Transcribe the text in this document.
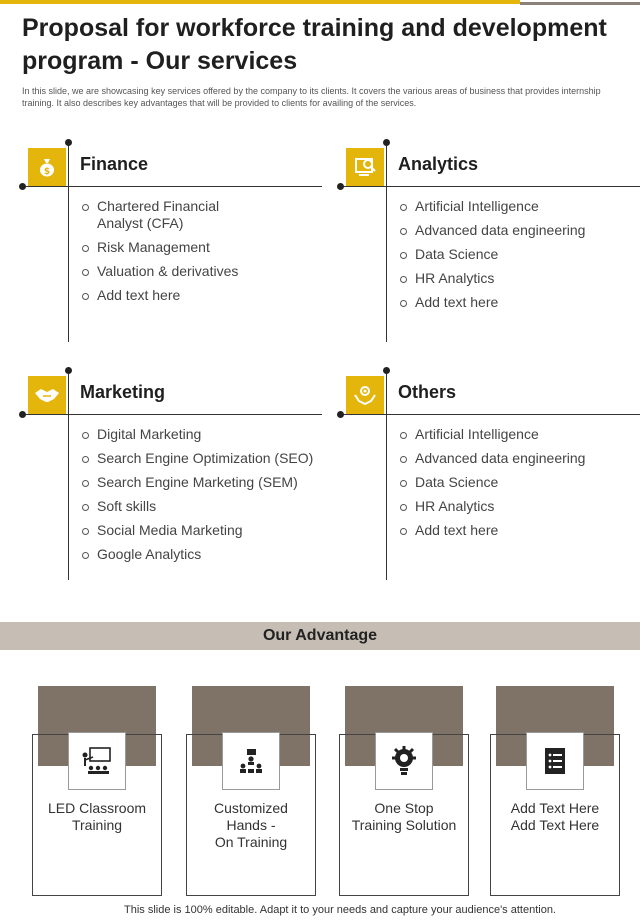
Proposal for workforce training and development program - Our services
In this slide, we are showcasing key services offered by the company to its clients. It covers the various areas of business that provides internship training. It also describes key advantages that will be provided to clients for availing of the services.
$ Finance
Chartered Financial Analyst (CFA)
Risk Management
Valuation & derivatives
Add text here
Analytics
Artificial Intelligence
Advanced data engineering
Data Science
HR Analytics
Add text here
Marketing
Digital Marketing
Search Engine Optimization (SEO)
Search Engine Marketing (SEM)
Soft skills
Social Media Marketing
Google Analytics
Others
Artificial Intelligence
Advanced data engineering
Data Science
HR Analytics
Add text here
Our Advantage
LED Classroom
Training
Customized
Hands -
On Training
One Stop
Training Solution
Add Text Here
Add Text Here
This slide is 100% editable. Adapt it to your needs and capture your audience's attention.
